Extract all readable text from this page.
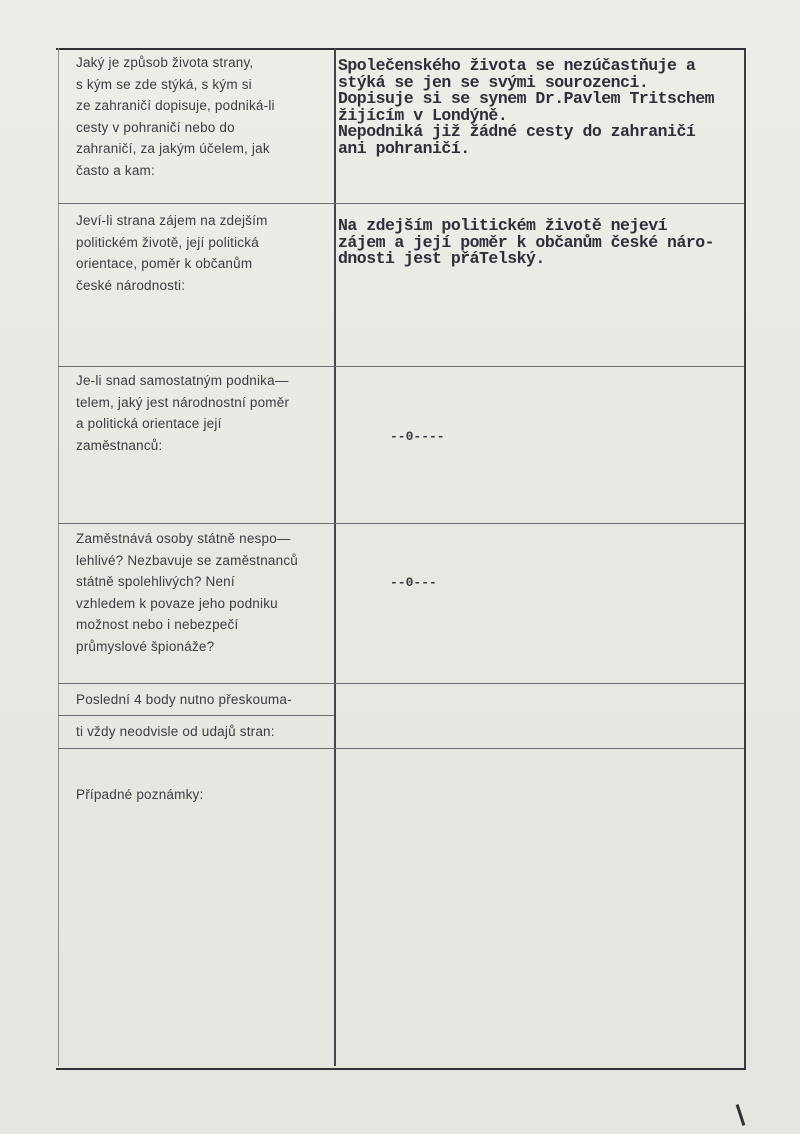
Jaký je způsob života strany,
s kým se zde stýká, s kým si
ze zahraničí dopisuje, podniká-li
cesty v pohraničí nebo do
zahraničí, za jakým účelem, jak
často a kam:
Společenského života se nezúčastňuje a
stýká se jen se svými sourozenci.
Dopisuje si se synem Dr.Pavlem Tritschem
žijícím v Londýně.
Nepodniká již žádné cesty do zahraničí
ani pohraničí.
Jeví-li strana zájem na zdejším
politickém životě, její politická
orientace, poměr k občanům
české národnosti:
Na zdejším politickém životě nejeví
zájem a její poměr k občanům české náro-
dnosti jest přáTelský.
Je-li snad samostatným podnika—
telem, jaký jest národnostní poměr
a politická orientace její
zaměstnanců:
--0----
Zaměstnává osoby státně nespo—
lehlivé? Nezbavuje se zaměstnanců
státně spolehlivých? Není
vzhledem k povaze jeho podniku
možnost nebo i nebezpečí
průmyslové špionáže?
--0---
Poslední 4 body nutno přeskouma-
ti vždy neodvisle od udajů stran:
Případné poznámky:
